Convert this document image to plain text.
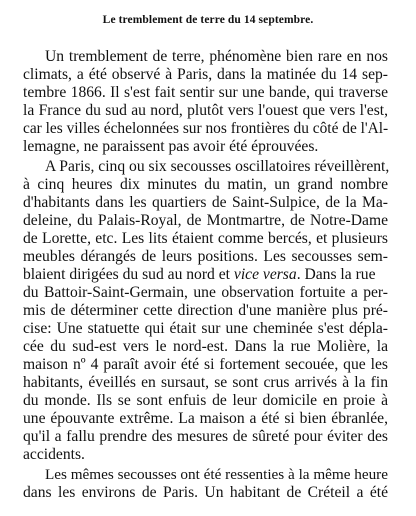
Le tremblement de terre du 14 septembre.
Un tremblement de terre, phénomène bien rare en nos
climats, a été observé à Paris, dans la matinée du 14 sep-
tembre 1866. Il s'est fait sentir sur une bande, qui traverse
la France du sud au nord, plutôt vers l'ouest que vers l'est,
car les villes échelonnées sur nos frontières du côté de l'Al-
lemagne, ne paraissent pas avoir été éprouvées.
A Paris, cinq ou six secousses oscillatoires réveillèrent,
à cinq heures dix minutes du matin, un grand nombre
d'habitants dans les quartiers de Saint-Sulpice, de la Ma-
deleine, du Palais-Royal, de Montmartre, de Notre-Dame
de Lorette, etc. Les lits étaient comme bercés, et plusieurs
meubles dérangés de leurs positions. Les secousses sem-
blaient dirigées du sud au nord et vice versa. Dans la rue
du Battoir-Saint-Germain, une observation fortuite a per-
mis de déterminer cette direction d'une manière plus pré-
cise: Une statuette qui était sur une cheminée s'est dépla-
cée du sud-est vers le nord-est. Dans la rue Molière, la
maison nº 4 paraît avoir été si fortement secouée, que les
habitants, éveillés en sursaut, se sont crus arrivés à la fin
du monde. Ils se sont enfuis de leur domicile en proie à
une épouvante extrême. La maison a été si bien ébranlée,
qu'il a fallu prendre des mesures de sûreté pour éviter des
accidents.
Les mêmes secousses ont été ressenties à la même heure
dans les environs de Paris. Un habitant de Créteil a été
